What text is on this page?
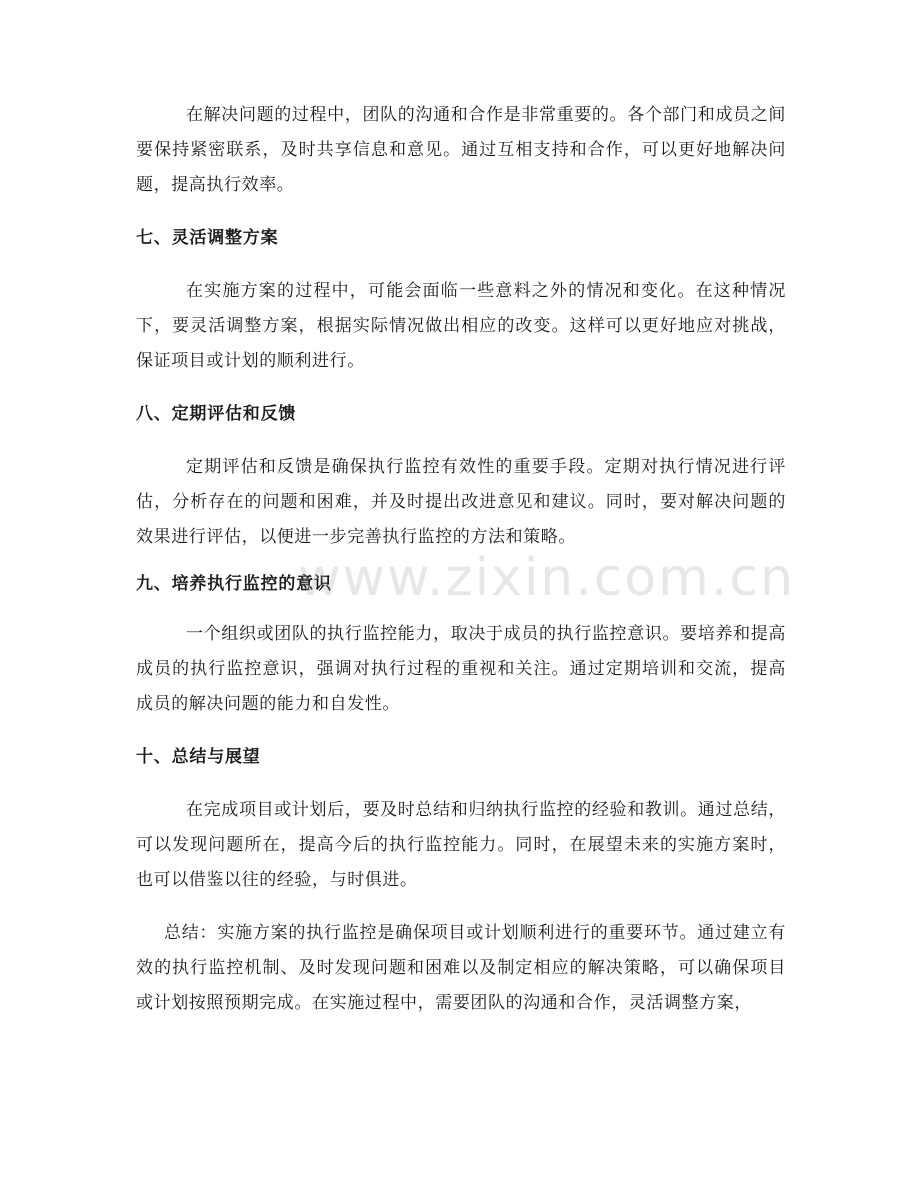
在解决问题的过程中，团队的沟通和合作是非常重要的。各个部门和成员之间要保持紧密联系，及时共享信息和意见。通过互相支持和合作，可以更好地解决问题，提高执行效率。

七、灵活调整方案

在实施方案的过程中，可能会面临一些意料之外的情况和变化。在这种情况下，要灵活调整方案，根据实际情况做出相应的改变。这样可以更好地应对挑战，保证项目或计划的顺利进行。

八、定期评估和反馈

定期评估和反馈是确保执行监控有效性的重要手段。定期对执行情况进行评估，分析存在的问题和困难，并及时提出改进意见和建议。同时，要对解决问题的效果进行评估，以便进一步完善执行监控的方法和策略。

九、培养执行监控的意识

一个组织或团队的执行监控能力，取决于成员的执行监控意识。要培养和提高成员的执行监控意识，强调对执行过程的重视和关注。通过定期培训和交流，提高成员的解决问题的能力和自发性。

十、总结与展望

在完成项目或计划后，要及时总结和归纳执行监控的经验和教训。通过总结，可以发现问题所在，提高今后的执行监控能力。同时，在展望未来的实施方案时，也可以借鉴以往的经验，与时俱进。

总结：实施方案的执行监控是确保项目或计划顺利进行的重要环节。通过建立有效的执行监控机制、及时发现问题和困难以及制定相应的解决策略，可以确保项目或计划按照预期完成。在实施过程中，需要团队的沟通和合作，灵活调整方案，

www.zixin.com.cn
